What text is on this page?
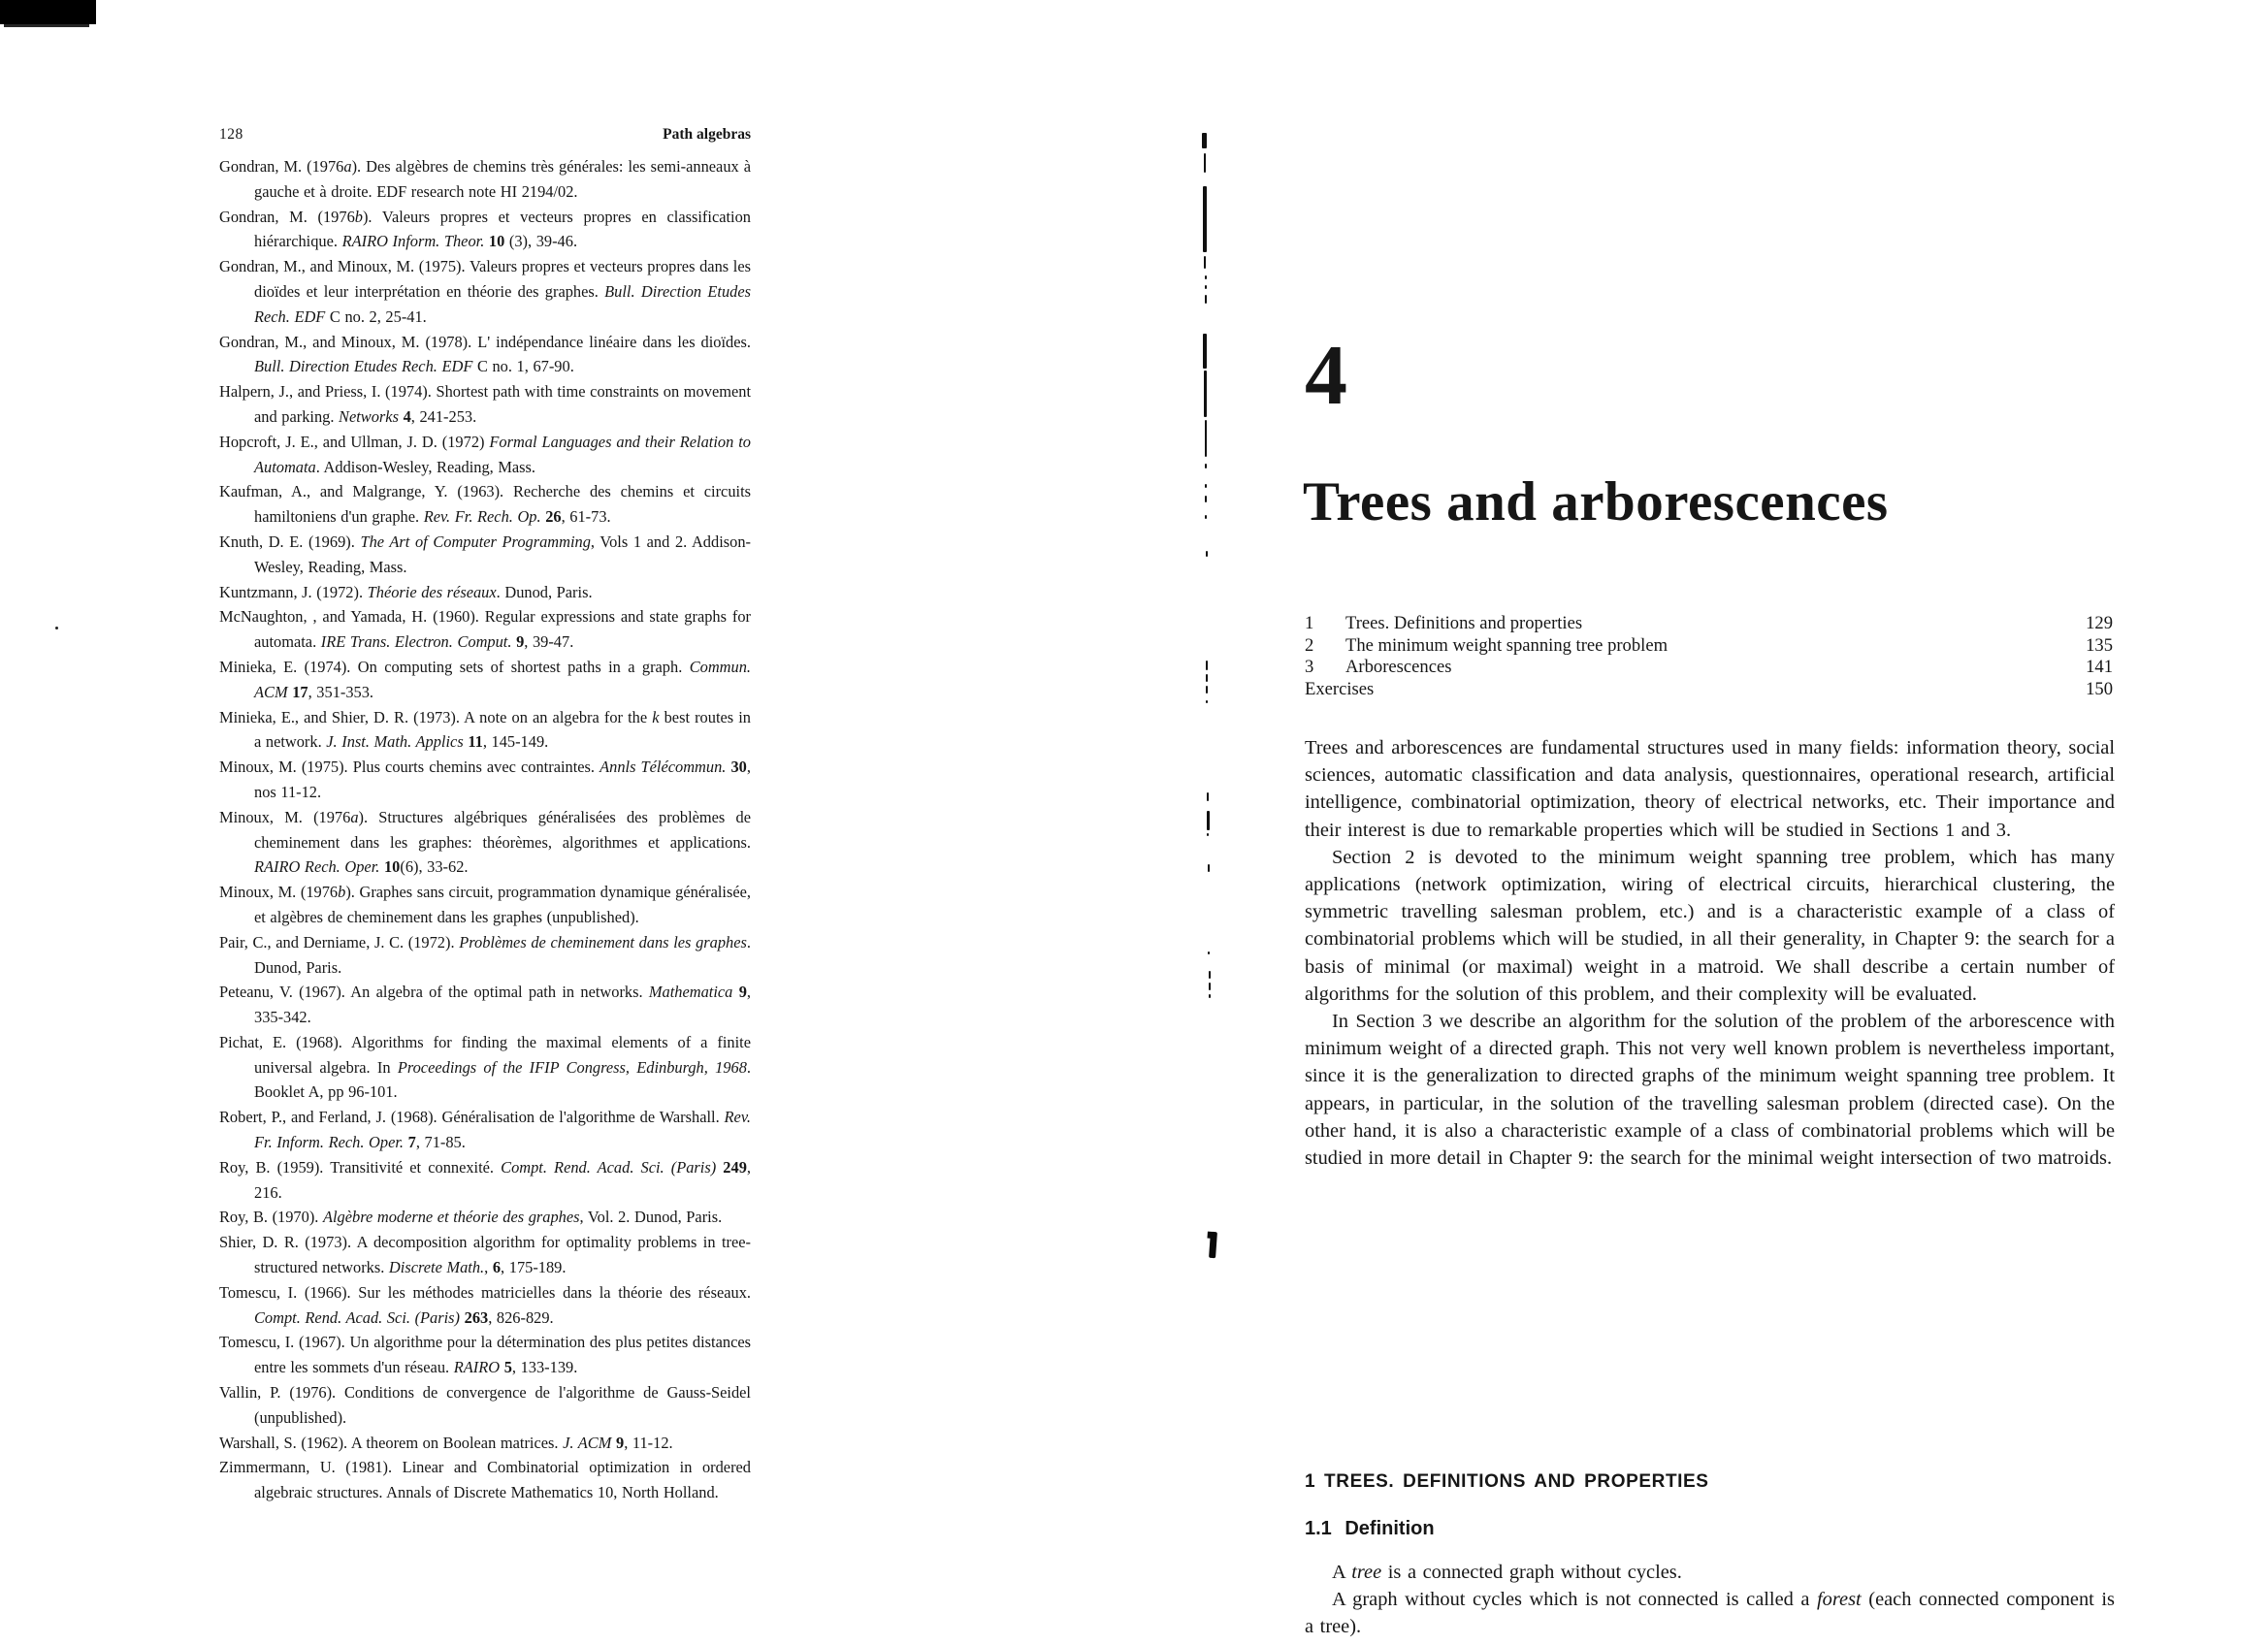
128	Path algebras

Gondran, M. (1976a). Des algèbres de chemins très générales: les semi-anneaux à gauche et à droite. EDF research note HI 2194/02.

Gondran, M. (1976b). Valeurs propres et vecteurs propres en classification hiérarchique. RAIRO Inform. Theor. 10 (3), 39-46.

Gondran, M., and Minoux, M. (1975). Valeurs propres et vecteurs propres dans les dioïdes et leur interprétation en théorie des graphes. Bull. Direction Etudes Rech. EDF C no. 2, 25-41.

Gondran, M., and Minoux, M. (1978). L' indépendance linéaire dans les dioïdes. Bull. Direction Etudes Rech. EDF C no. 1, 67-90.

Halpern, J., and Priess, I. (1974). Shortest path with time constraints on movement and parking. Networks 4, 241-253.

Hopcroft, J. E., and Ullman, J. D. (1972) Formal Languages and their Relation to Automata. Addison-Wesley, Reading, Mass.

Kaufman, A., and Malgrange, Y. (1963). Recherche des chemins et circuits hamiltoniens d'un graphe. Rev. Fr. Rech. Op. 26, 61-73.

Knuth, D. E. (1969). The Art of Computer Programming, Vols 1 and 2. Addison-Wesley, Reading, Mass.

Kuntzmann, J. (1972). Théorie des réseaux. Dunod, Paris.

McNaughton, , and Yamada, H. (1960). Regular expressions and state graphs for automata. IRE Trans. Electron. Comput. 9, 39-47.

Minieka, E. (1974). On computing sets of shortest paths in a graph. Commun. ACM 17, 351-353.

Minieka, E., and Shier, D. R. (1973). A note on an algebra for the k best routes in a network. J. Inst. Math. Applics 11, 145-149.

Minoux, M. (1975). Plus courts chemins avec contraintes. Annls Télécommun. 30, nos 11-12.

Minoux, M. (1976a). Structures algébriques généralisées des problèmes de cheminement dans les graphes: théorèmes, algorithmes et applications. RAIRO Rech. Oper. 10(6), 33-62.

Minoux, M. (1976b). Graphes sans circuit, programmation dynamique généralisée, et algèbres de cheminement dans les graphes (unpublished).

Pair, C., and Derniame, J. C. (1972). Problèmes de cheminement dans les graphes. Dunod, Paris.

Peteanu, V. (1967). An algebra of the optimal path in networks. Mathematica 9, 335-342.

Pichat, E. (1968). Algorithms for finding the maximal elements of a finite universal algebra. In Proceedings of the IFIP Congress, Edinburgh, 1968. Booklet A, pp 96-101.

Robert, P., and Ferland, J. (1968). Généralisation de l'algorithme de Warshall. Rev. Fr. Inform. Rech. Oper. 7, 71-85.

Roy, B. (1959). Transitivité et connexité. Compt. Rend. Acad. Sci. (Paris) 249, 216.

Roy, B. (1970). Algèbre moderne et théorie des graphes, Vol. 2. Dunod, Paris.

Shier, D. R. (1973). A decomposition algorithm for optimality problems in tree-structured networks. Discrete Math., 6, 175-189.

Tomescu, I. (1966). Sur les méthodes matricielles dans la théorie des réseaux. Compt. Rend. Acad. Sci. (Paris) 263, 826-829.

Tomescu, I. (1967). Un algorithme pour la détermination des plus petites distances entre les sommets d'un réseau. RAIRO 5, 133-139.

Vallin, P. (1976). Conditions de convergence de l'algorithme de Gauss-Seidel (unpublished).

Warshall, S. (1962). A theorem on Boolean matrices. J. ACM 9, 11-12.

Zimmermann, U. (1981). Linear and Combinatorial optimization in ordered algebraic structures. Annals of Discrete Mathematics 10, North Holland.

4
Trees and arborescences
1	Trees. Definitions and properties	129
2	The minimum weight spanning tree problem	135
3	Arborescences	141
Exercises	150

Trees and arborescences are fundamental structures used in many fields: information theory, social sciences, automatic classification and data analysis, questionnaires, operational research, artificial intelligence, combinatorial optimization, theory of electrical networks, etc. Their importance and their interest is due to remarkable properties which will be studied in Sections 1 and 3.

Section 2 is devoted to the minimum weight spanning tree problem, which has many applications (network optimization, wiring of electrical circuits, hierarchical clustering, the symmetric travelling salesman problem, etc.) and is a characteristic example of a class of combinatorial problems which will be studied, in all their generality, in Chapter 9: the search for a basis of minimal (or maximal) weight in a matroid. We shall describe a certain number of algorithms for the solution of this problem, and their complexity will be evaluated.

In Section 3 we describe an algorithm for the solution of the problem of the arborescence with minimum weight of a directed graph. This not very well known problem is nevertheless important, since it is the generalization to directed graphs of the minimum weight spanning tree problem. It appears, in particular, in the solution of the travelling salesman problem (directed case). On the other hand, it is also a characteristic example of a class of combinatorial problems which will be studied in more detail in Chapter 9: the search for the minimal weight intersection of two matroids.

1 TREES. DEFINITIONS AND PROPERTIES
1.1 Definition

A tree is a connected graph without cycles.

A graph without cycles which is not connected is called a forest (each connected component is a tree).
